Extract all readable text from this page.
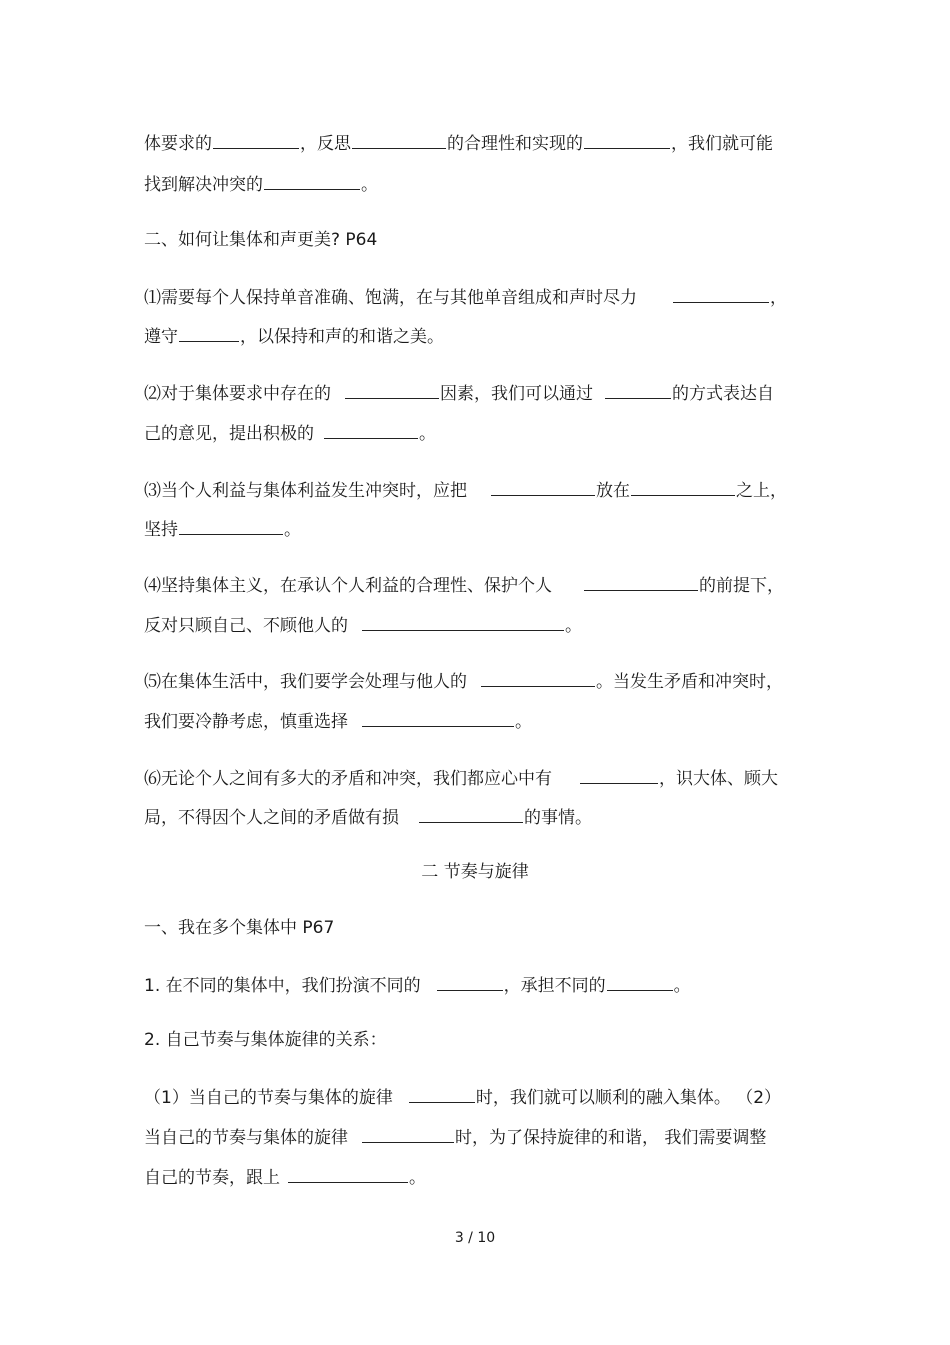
体要求的	，反思	的合理性和实现的	，我们就可能
找到解决冲突的	。
二、如何让集体和声更美? P64
⑴需要每个人保持单音准确、饱满，在与其他单音组成和声时尽力	，
遵守	，以保持和声的和谐之美。
⑵对于集体要求中存在的	因素，我们可以通过	的方式表达自
己的意见，提出积极的	。
⑶当个人利益与集体利益发生冲突时，应把	放在	之上，
坚持	。
⑷坚持集体主义，在承认个人利益的合理性、保护个人	的前提下，
反对只顾自己、不顾他人的	。
⑸在集体生活中，我们要学会处理与他人的	。当发生矛盾和冲突时，
我们要冷静考虑，慎重选择	。
⑹无论个人之间有多大的矛盾和冲突，我们都应心中有	，识大体、顾大
局，不得因个人之间的矛盾做有损	的事情。
二 节奏与旋律
一、我在多个集体中 P67
1. 在不同的集体中，我们扮演不同的	，承担不同的	。
2. 自己节奏与集体旋律的关系：
（1）当自己的节奏与集体的旋律	时，我们就可以顺利的融入集体。 （2）
当自己的节奏与集体的旋律	时，为了保持旋律的和谐， 我们需要调整
自己的节奏，跟上	。
3 / 10
